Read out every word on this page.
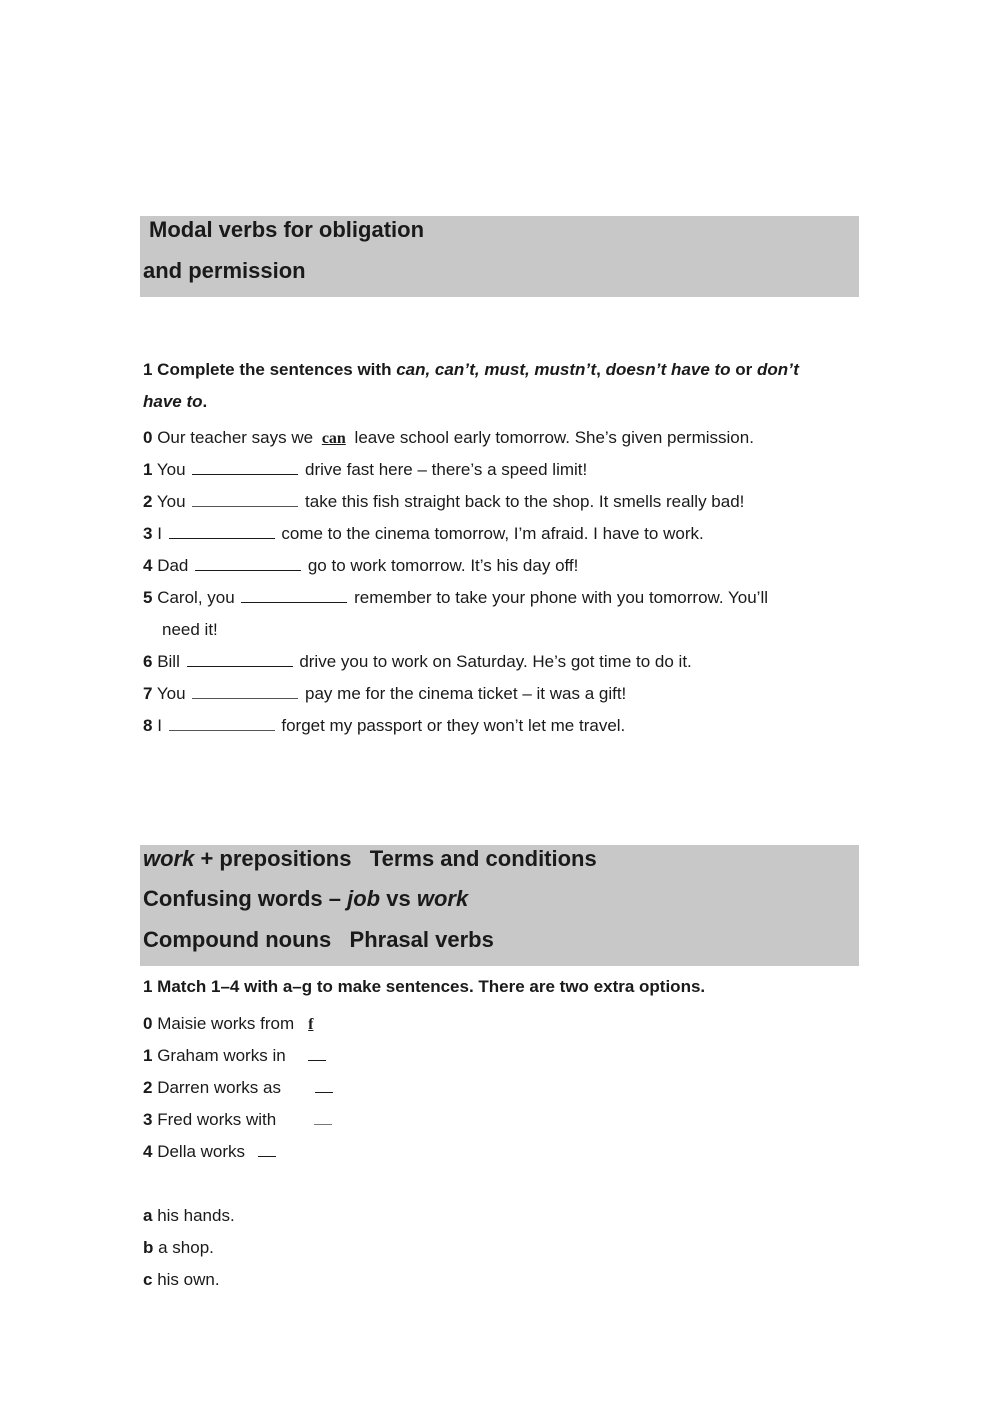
Modal verbs for obligation
and permission
1 Complete the sentences with can, can’t, must, mustn’t, doesn’t have to or don’t
have to.
0 Our teacher says we can leave school early tomorrow. She’s given permission.
1 You	drive fast here – there’s a speed limit!
2 You	take this fish straight back to the shop. It smells really bad!
3 I	come to the cinema tomorrow, I’m afraid. I have to work.
4 Dad	go to work tomorrow. It’s his day off!
5 Carol, you	remember to take your phone with you tomorrow. You’ll
need it!
6 Bill	drive you to work on Saturday. He’s got time to do it.
7 You	pay me for the cinema ticket – it was a gift!
8 I	forget my passport or they won’t let me travel.
work + prepositions   Terms and conditions
Confusing words – job vs work
Compound nouns   Phrasal verbs
1 Match 1–4 with a–g to make sentences. There are two extra options.
0 Maisie works from f
1 Graham works in
2 Darren works as
3 Fred works with
4 Della works
a his hands.
b a shop.
c his own.
